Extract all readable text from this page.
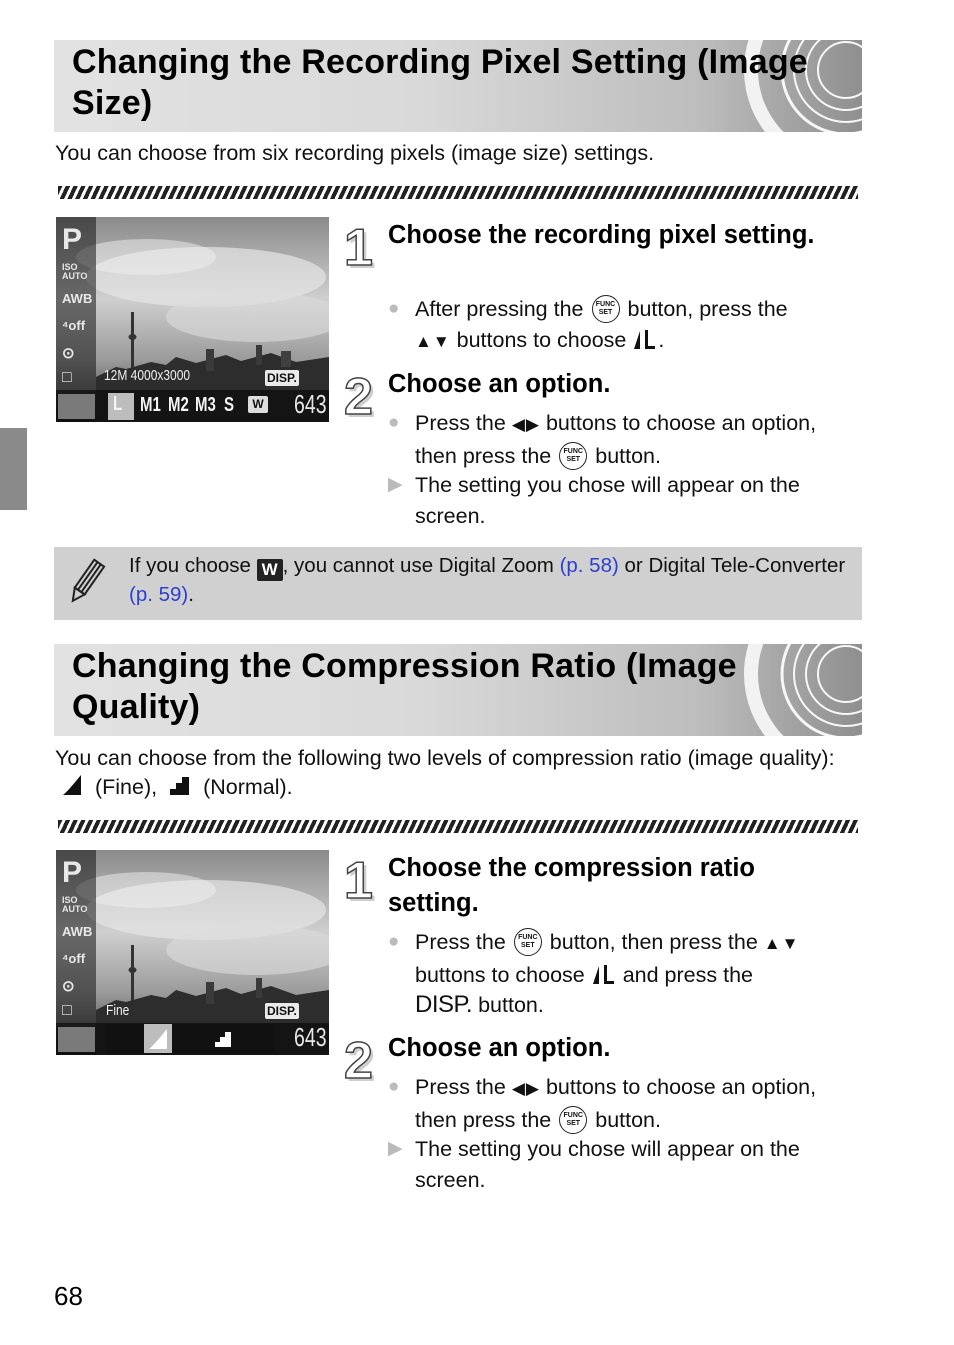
Changing the Recording Pixel Setting (Image Size)
You can choose from six recording pixels (image size) settings.
P
ISO
AUTO
AWB
⁴off
⊙
□ 12M 4000x3000	DISP.
L M1 M2 M3 S	W 643
1 Choose the recording pixel setting.
● After pressing the FUNC SET button, press the
▲▼ buttons to choose .
2 Choose an option.
● Press the ◀▶ buttons to choose an option, then press the FUNC SET button.
▶ The setting you chose will appear on the screen.
If you choose W , you cannot use Digital Zoom (p. 58) or Digital Tele-Converter (p. 59).
Changing the Compression Ratio (Image Quality)
You can choose from the following two levels of compression ratio (image quality):  (Fine), (Normal).
P
ISO
AUTO
AWB
⁴off
⊙
□ Fine	DISP.
643
1 Choose the compression ratio setting.
● Press the FUNC SET button, then press the ▲▼
buttons to choose and press the
DISP. button.
2 Choose an option.
● Press the ◀▶ buttons to choose an option, then press the FUNC SET button.
▶ The setting you chose will appear on the screen.
68
